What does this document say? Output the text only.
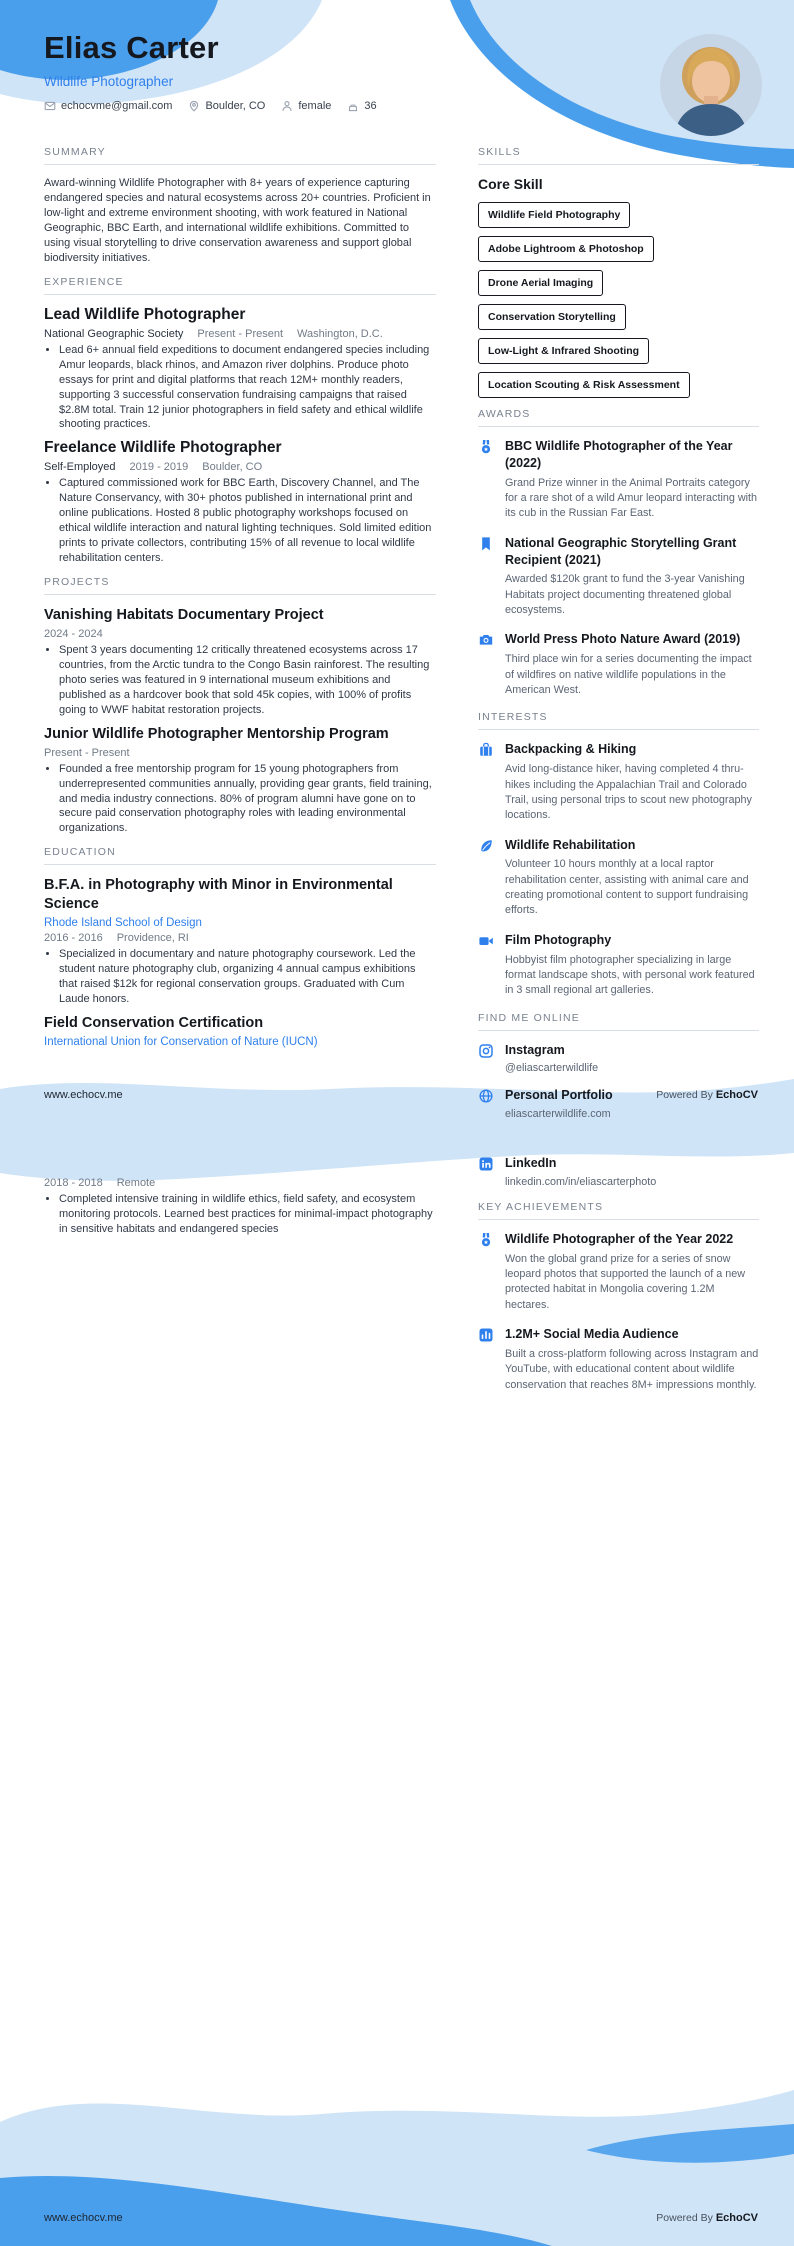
Elias Carter
Wildlife Photographer
echocvme@gmail.com	Boulder, CO	female	36
SUMMARY

Award-winning Wildlife Photographer with 8+ years of experience capturing endangered species and natural ecosystems across 20+ countries. Proficient in low-light and extreme environment shooting, with work featured in National Geographic, BBC Earth, and international wildlife exhibitions. Committed to using visual storytelling to drive conservation awareness and support global biodiversity initiatives.

EXPERIENCE
Lead Wildlife Photographer
National Geographic Society Present - Present Washington, D.C.
• Lead 6+ annual field expeditions to document endangered species including Amur leopards, black rhinos, and Amazon river dolphins. Produce photo essays for print and digital platforms that reach 12M+ monthly readers, supporting 3 successful conservation fundraising campaigns that raised $2.8M total. Train 12 junior photographers in field safety and ethical wildlife shooting practices.
Freelance Wildlife Photographer
Self-Employed 2019 - 2019 Boulder, CO
• Captured commissioned work for BBC Earth, Discovery Channel, and The Nature Conservancy, with 30+ photos published in international print and online publications. Hosted 8 public photography workshops focused on ethical wildlife interaction and natural lighting techniques. Sold limited edition prints to private collectors, contributing 15% of all revenue to local wildlife rehabilitation centers.
PROJECTS
Vanishing Habitats Documentary Project
2024 - 2024
• Spent 3 years documenting 12 critically threatened ecosystems across 17 countries, from the Arctic tundra to the Congo Basin rainforest. The resulting photo series was featured in 9 international museum exhibitions and published as a hardcover book that sold 45k copies, with 100% of profits going to WWF habitat restoration projects.
Junior Wildlife Photographer Mentorship Program
Present - Present
• Founded a free mentorship program for 15 young photographers from underrepresented communities annually, providing gear grants, field training, and media industry connections. 80% of program alumni have gone on to secure paid conservation photography roles with leading environmental organizations.
EDUCATION
B.F.A. in Photography with Minor in Environmental Science
Rhode Island School of Design
2016 - 2016 Providence, RI
• Specialized in documentary and nature photography coursework. Led the student nature photography club, organizing 4 annual campus exhibitions that raised $12k for regional conservation groups. Graduated with Cum Laude honors.
Field Conservation Certification
International Union for Conservation of Nature (IUCN)
SKILLS
Core Skill
Wildlife Field Photography
Adobe Lightroom & Photoshop
Drone Aerial Imaging
Conservation Storytelling
Low-Light & Infrared Shooting
Location Scouting & Risk Assessment
AWARDS
BBC Wildlife Photographer of the Year (2022)
Grand Prize winner in the Animal Portraits category for a rare shot of a wild Amur leopard interacting with its cub in the Russian Far East.
National Geographic Storytelling Grant Recipient (2021)
Awarded $120k grant to fund the 3-year Vanishing Habitats project documenting threatened global ecosystems.
World Press Photo Nature Award (2019)
Third place win for a series documenting the impact of wildfires on native wildlife populations in the American West.
INTERESTS
Backpacking & Hiking
Avid long-distance hiker, having completed 4 thru-hikes including the Appalachian Trail and Colorado Trail, using personal trips to scout new photography locations.
Wildlife Rehabilitation
Volunteer 10 hours monthly at a local raptor rehabilitation center, assisting with animal care and creating promotional content to support fundraising efforts.
Film Photography
Hobbyist film photographer specializing in large format landscape shots, with personal work featured in 3 small regional art galleries.
FIND ME ONLINE
Instagram
@eliascarterwildlife
Personal Portfolio
eliascarterwildlife.com
www.echocv.me	Powered By EchoCV
2018 - 2018 Remote
• Completed intensive training in wildlife ethics, field safety, and ecosystem monitoring protocols. Learned best practices for minimal-impact photography in sensitive habitats and endangered species
LinkedIn
linkedin.com/in/eliascarterphoto
KEY ACHIEVEMENTS
Wildlife Photographer of the Year 2022
Won the global grand prize for a series of snow leopard photos that supported the launch of a new protected habitat in Mongolia covering 1.2M hectares.
1.2M+ Social Media Audience
Built a cross-platform following across Instagram and YouTube, with educational content about wildlife conservation that reaches 8M+ impressions monthly.
www.echocv.me	Powered By EchoCV
